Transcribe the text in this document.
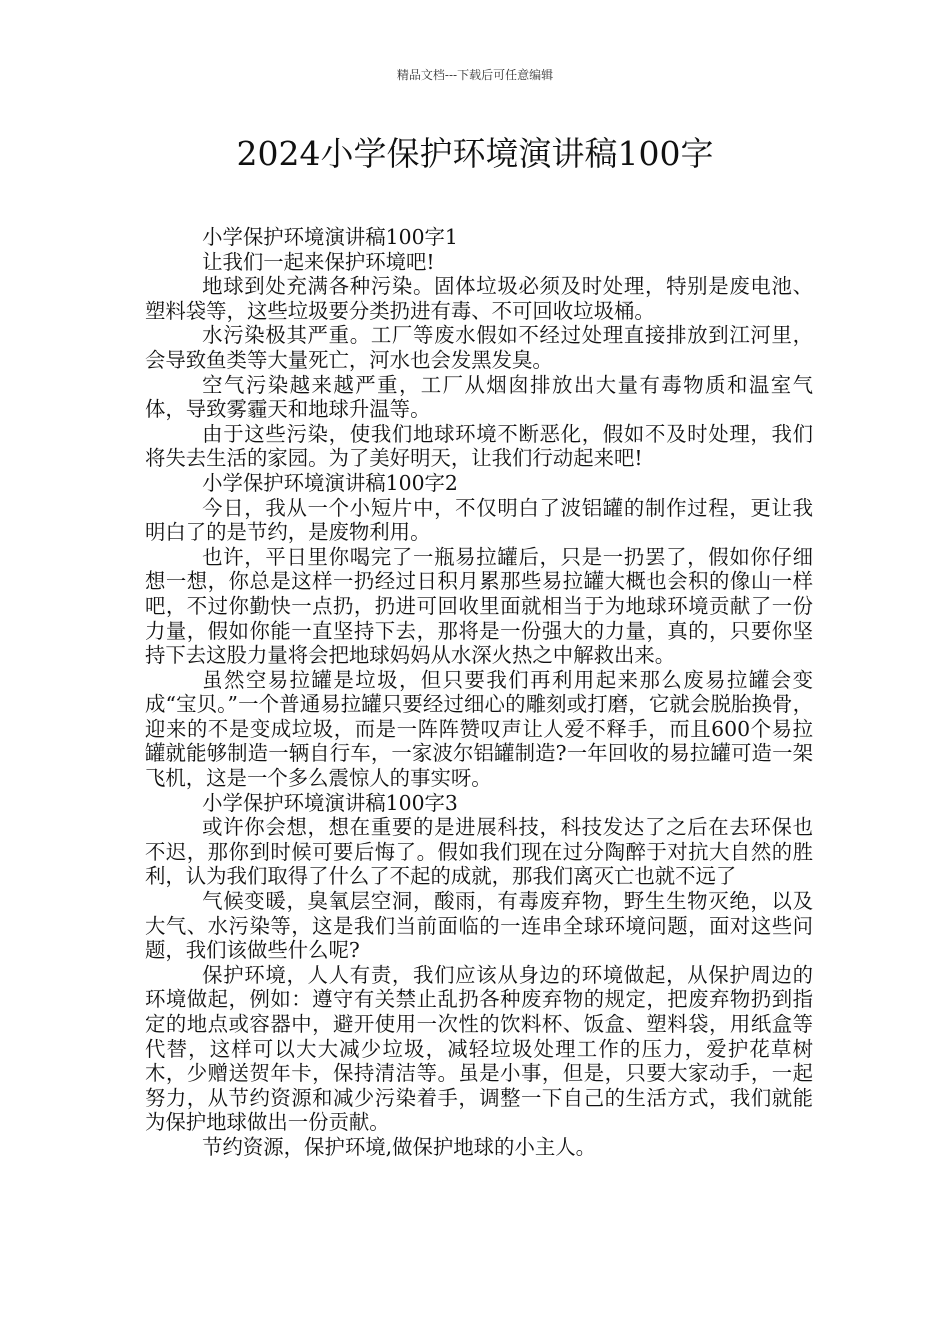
精品文档---下载后可任意编辑
2024小学保护环境演讲稿100字

小学保护环境演讲稿100字1

让我们一起来保护环境吧!

地球到处充满各种污染。固体垃圾必须及时处理，特别是废电池、塑料袋等，这些垃圾要分类扔进有毒、不可回收垃圾桶。

水污染极其严重。工厂等废水假如不经过处理直接排放到江河里，会导致鱼类等大量死亡，河水也会发黑发臭。

空气污染越来越严重，工厂从烟囱排放出大量有毒物质和温室气体，导致雾霾天和地球升温等。

由于这些污染，使我们地球环境不断恶化，假如不及时处理，我们将失去生活的家园。为了美好明天，让我们行动起来吧!

小学保护环境演讲稿100字2

今日，我从一个小短片中，不仅明白了波铝罐的制作过程，更让我明白了的是节约，是废物利用。

也许，平日里你喝完了一瓶易拉罐后，只是一扔罢了，假如你仔细想一想，你总是这样一扔经过日积月累那些易拉罐大概也会积的像山一样吧，不过你勤快一点扔，扔进可回收里面就相当于为地球环境贡献了一份力量，假如你能一直坚持下去，那将是一份强大的力量，真的，只要你坚持下去这股力量将会把地球妈妈从水深火热之中解救出来。

虽然空易拉罐是垃圾，但只要我们再利用起来那么废易拉罐会变成“宝贝。”一个普通易拉罐只要经过细心的雕刻或打磨，它就会脱胎换骨，迎来的不是变成垃圾，而是一阵阵赞叹声让人爱不释手，而且600个易拉罐就能够制造一辆自行车，一家波尔铝罐制造?一年回收的易拉罐可造一架飞机，这是一个多么震惊人的事实呀。

小学保护环境演讲稿100字3

或许你会想，想在重要的是进展科技，科技发达了之后在去环保也不迟，那你到时候可要后悔了。假如我们现在过分陶醉于对抗大自然的胜利，认为我们取得了什么了不起的成就，那我们离灭亡也就不远了

气候变暖，臭氧层空洞，酸雨，有毒废弃物，野生生物灭绝，以及大气、水污染等，这是我们当前面临的一连串全球环境问题，面对这些问题，我们该做些什么呢?

保护环境，人人有责，我们应该从身边的环境做起，从保护周边的环境做起，例如：遵守有关禁止乱扔各种废弃物的规定，把废弃物扔到指定的地点或容器中，避开使用一次性的饮料杯、饭盒、塑料袋，用纸盒等代替，这样可以大大减少垃圾，减轻垃圾处理工作的压力，爱护花草树木，少赠送贺年卡，保持清洁等。虽是小事，但是，只要大家动手，一起努力，从节约资源和减少污染着手，调整一下自己的生活方式，我们就能为保护地球做出一份贡献。

节约资源，保护环境,做保护地球的小主人。
